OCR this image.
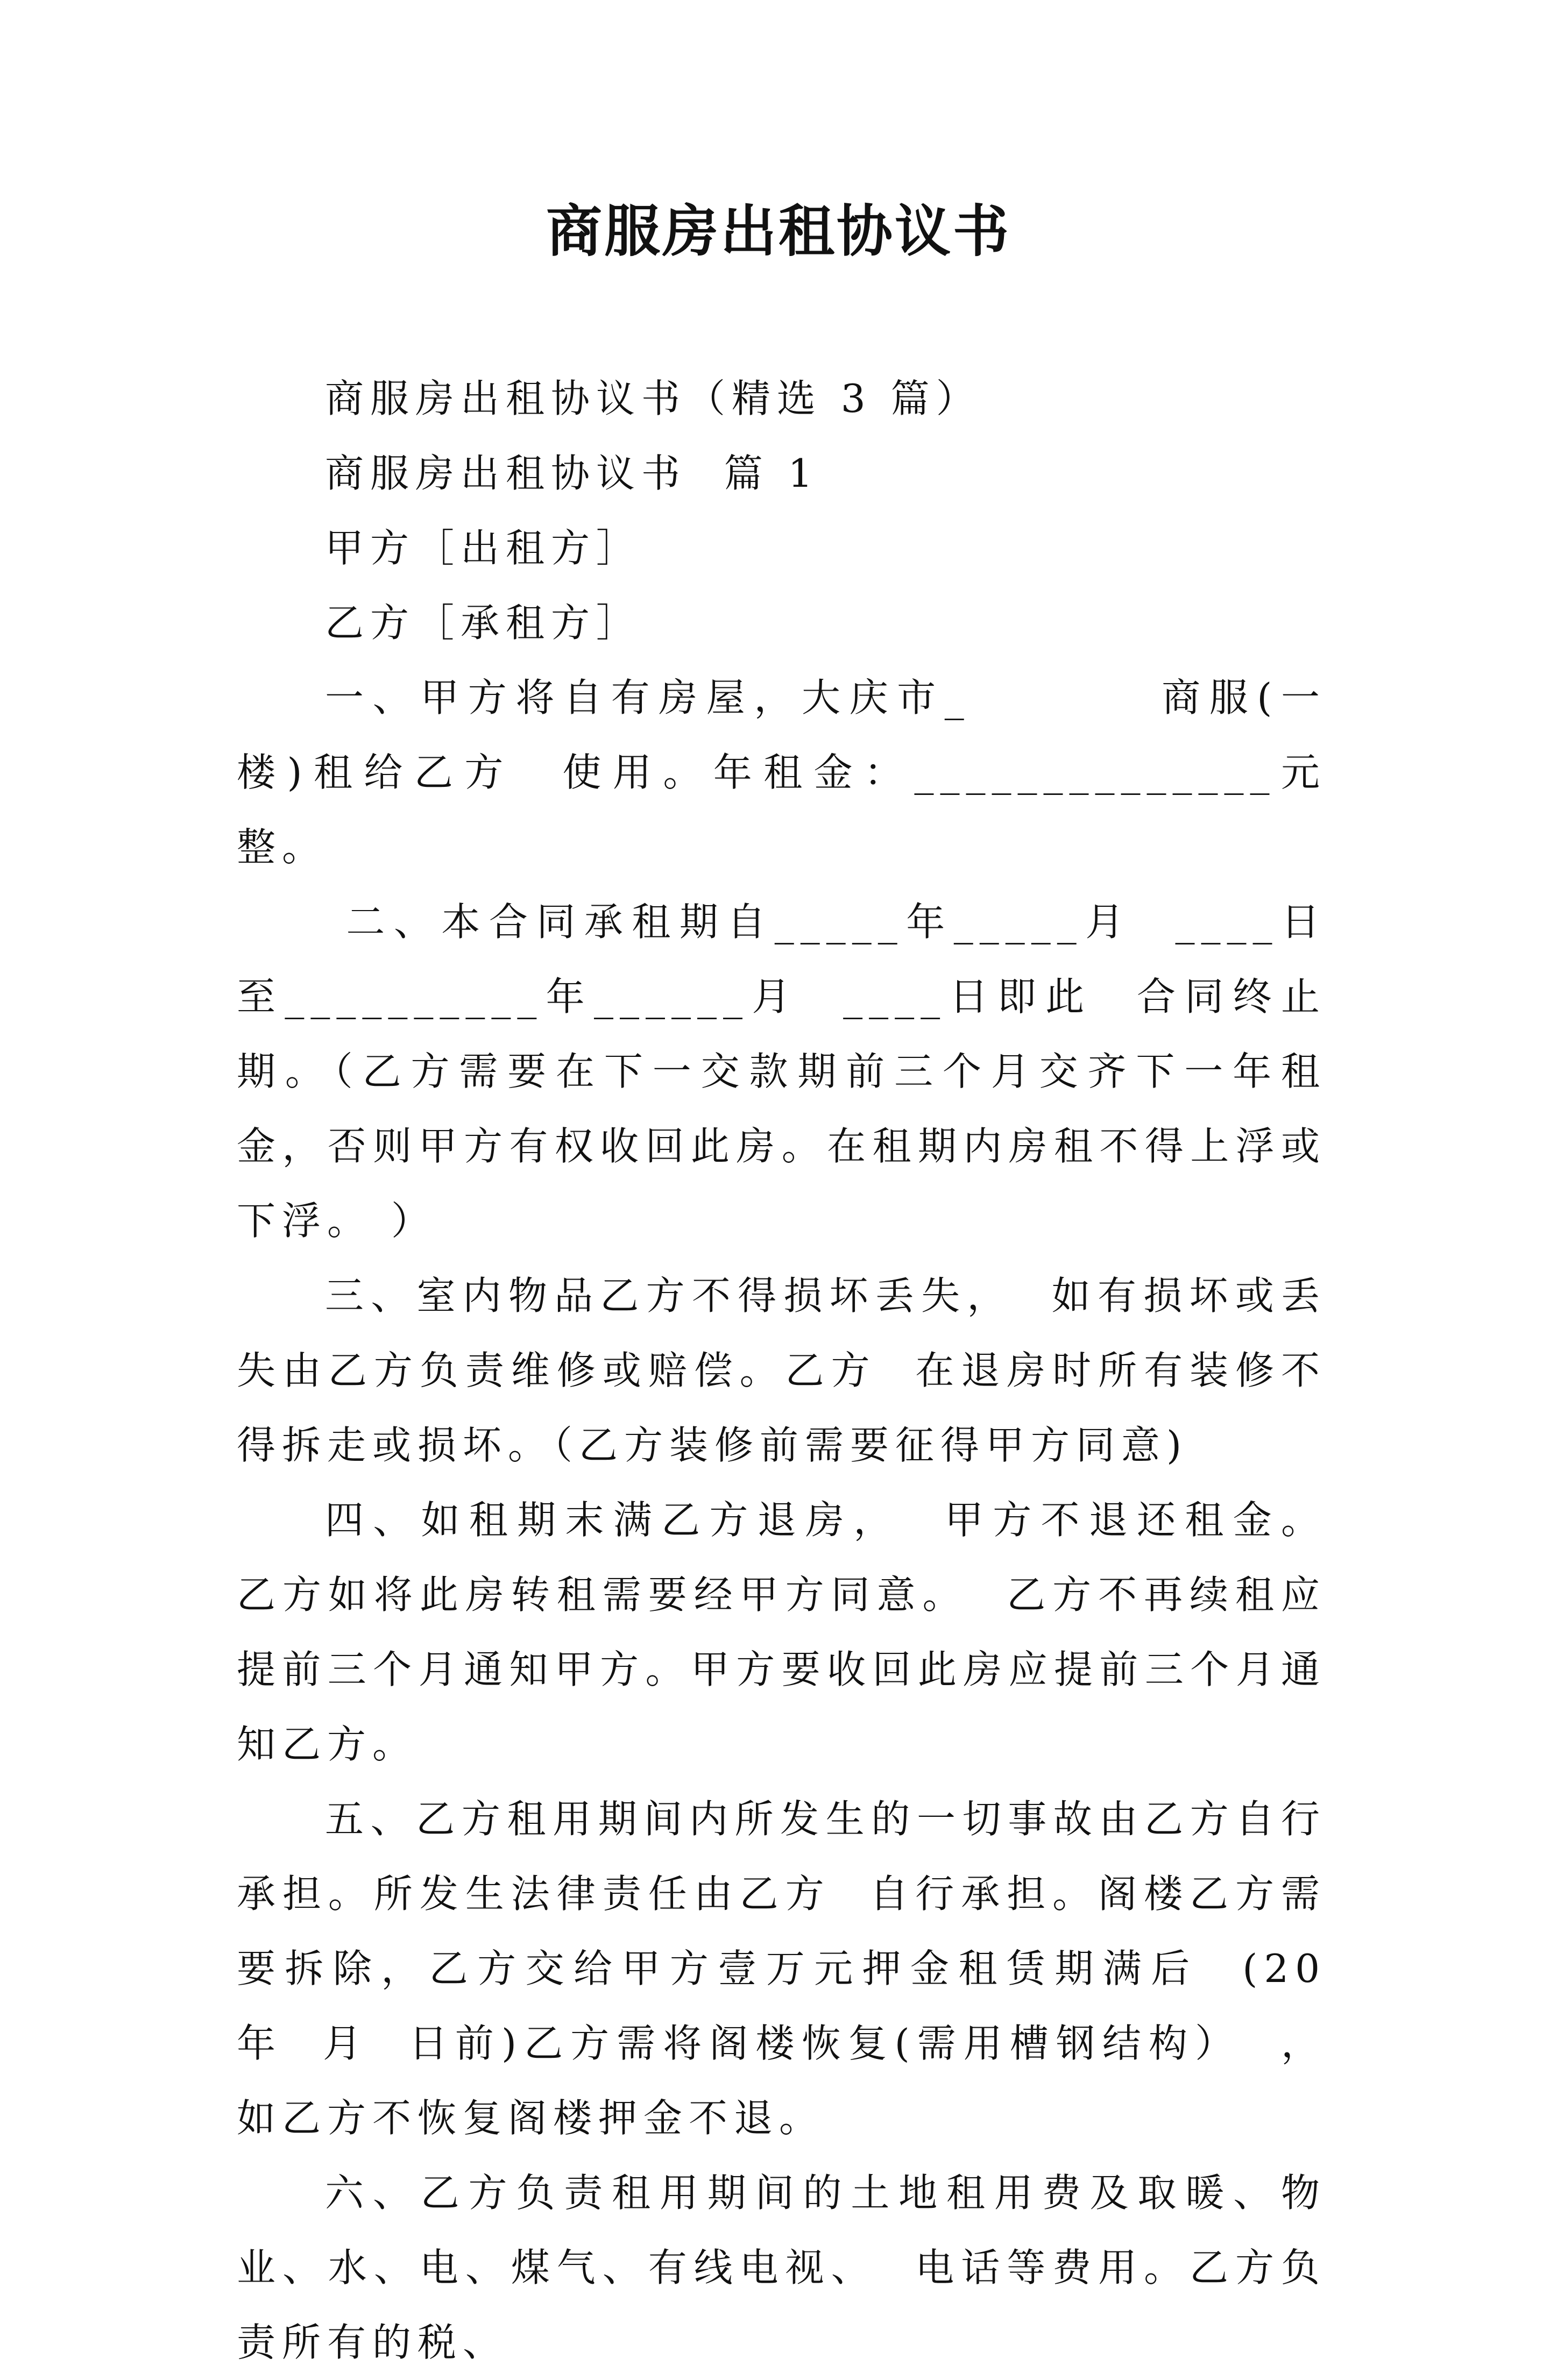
商服房出租协议书

商服房出租协议书（精选 3 篇）

商服房出租协议书  篇 1

甲方［出租方］

乙方［承租方］

一、甲方将自有房屋，大庆市_         商服(一楼)租给乙方  使用。年租金：______________元整。

二、本合同承租期自_____年_____月  ____日至__________年______月  ____日即此  合同终止期。（乙方需要在下一交款期前三个月交齐下一年租金，否则甲方有权收回此房。在租期内房租不得上浮或下浮。 ）

三、室内物品乙方不得损坏丢失，  如有损坏或丢失由乙方负责维修或赔偿。乙方  在退房时所有装修不得拆走或损坏。（乙方装修前需要征得甲方同意)

四、如租期末满乙方退房，  甲方不退还租金。  乙方如将此房转租需要经甲方同意。  乙方不再续租应提前三个月通知甲方。甲方要收回此房应提前三个月通知乙方。

五、乙方租用期间内所发生的一切事故由乙方自行承担。所发生法律责任由乙方  自行承担。阁楼乙方需要拆除，乙方交给甲方壹万元押金租赁期满后  (20  年  月  日前)乙方需将阁楼恢复(需用槽钢结构）  ，如乙方不恢复阁楼押金不退。

六、乙方负责租用期间的土地租用费及取暖、物业、水、电、煤气、有线电视、  电话等费用。乙方负责所有的税、
